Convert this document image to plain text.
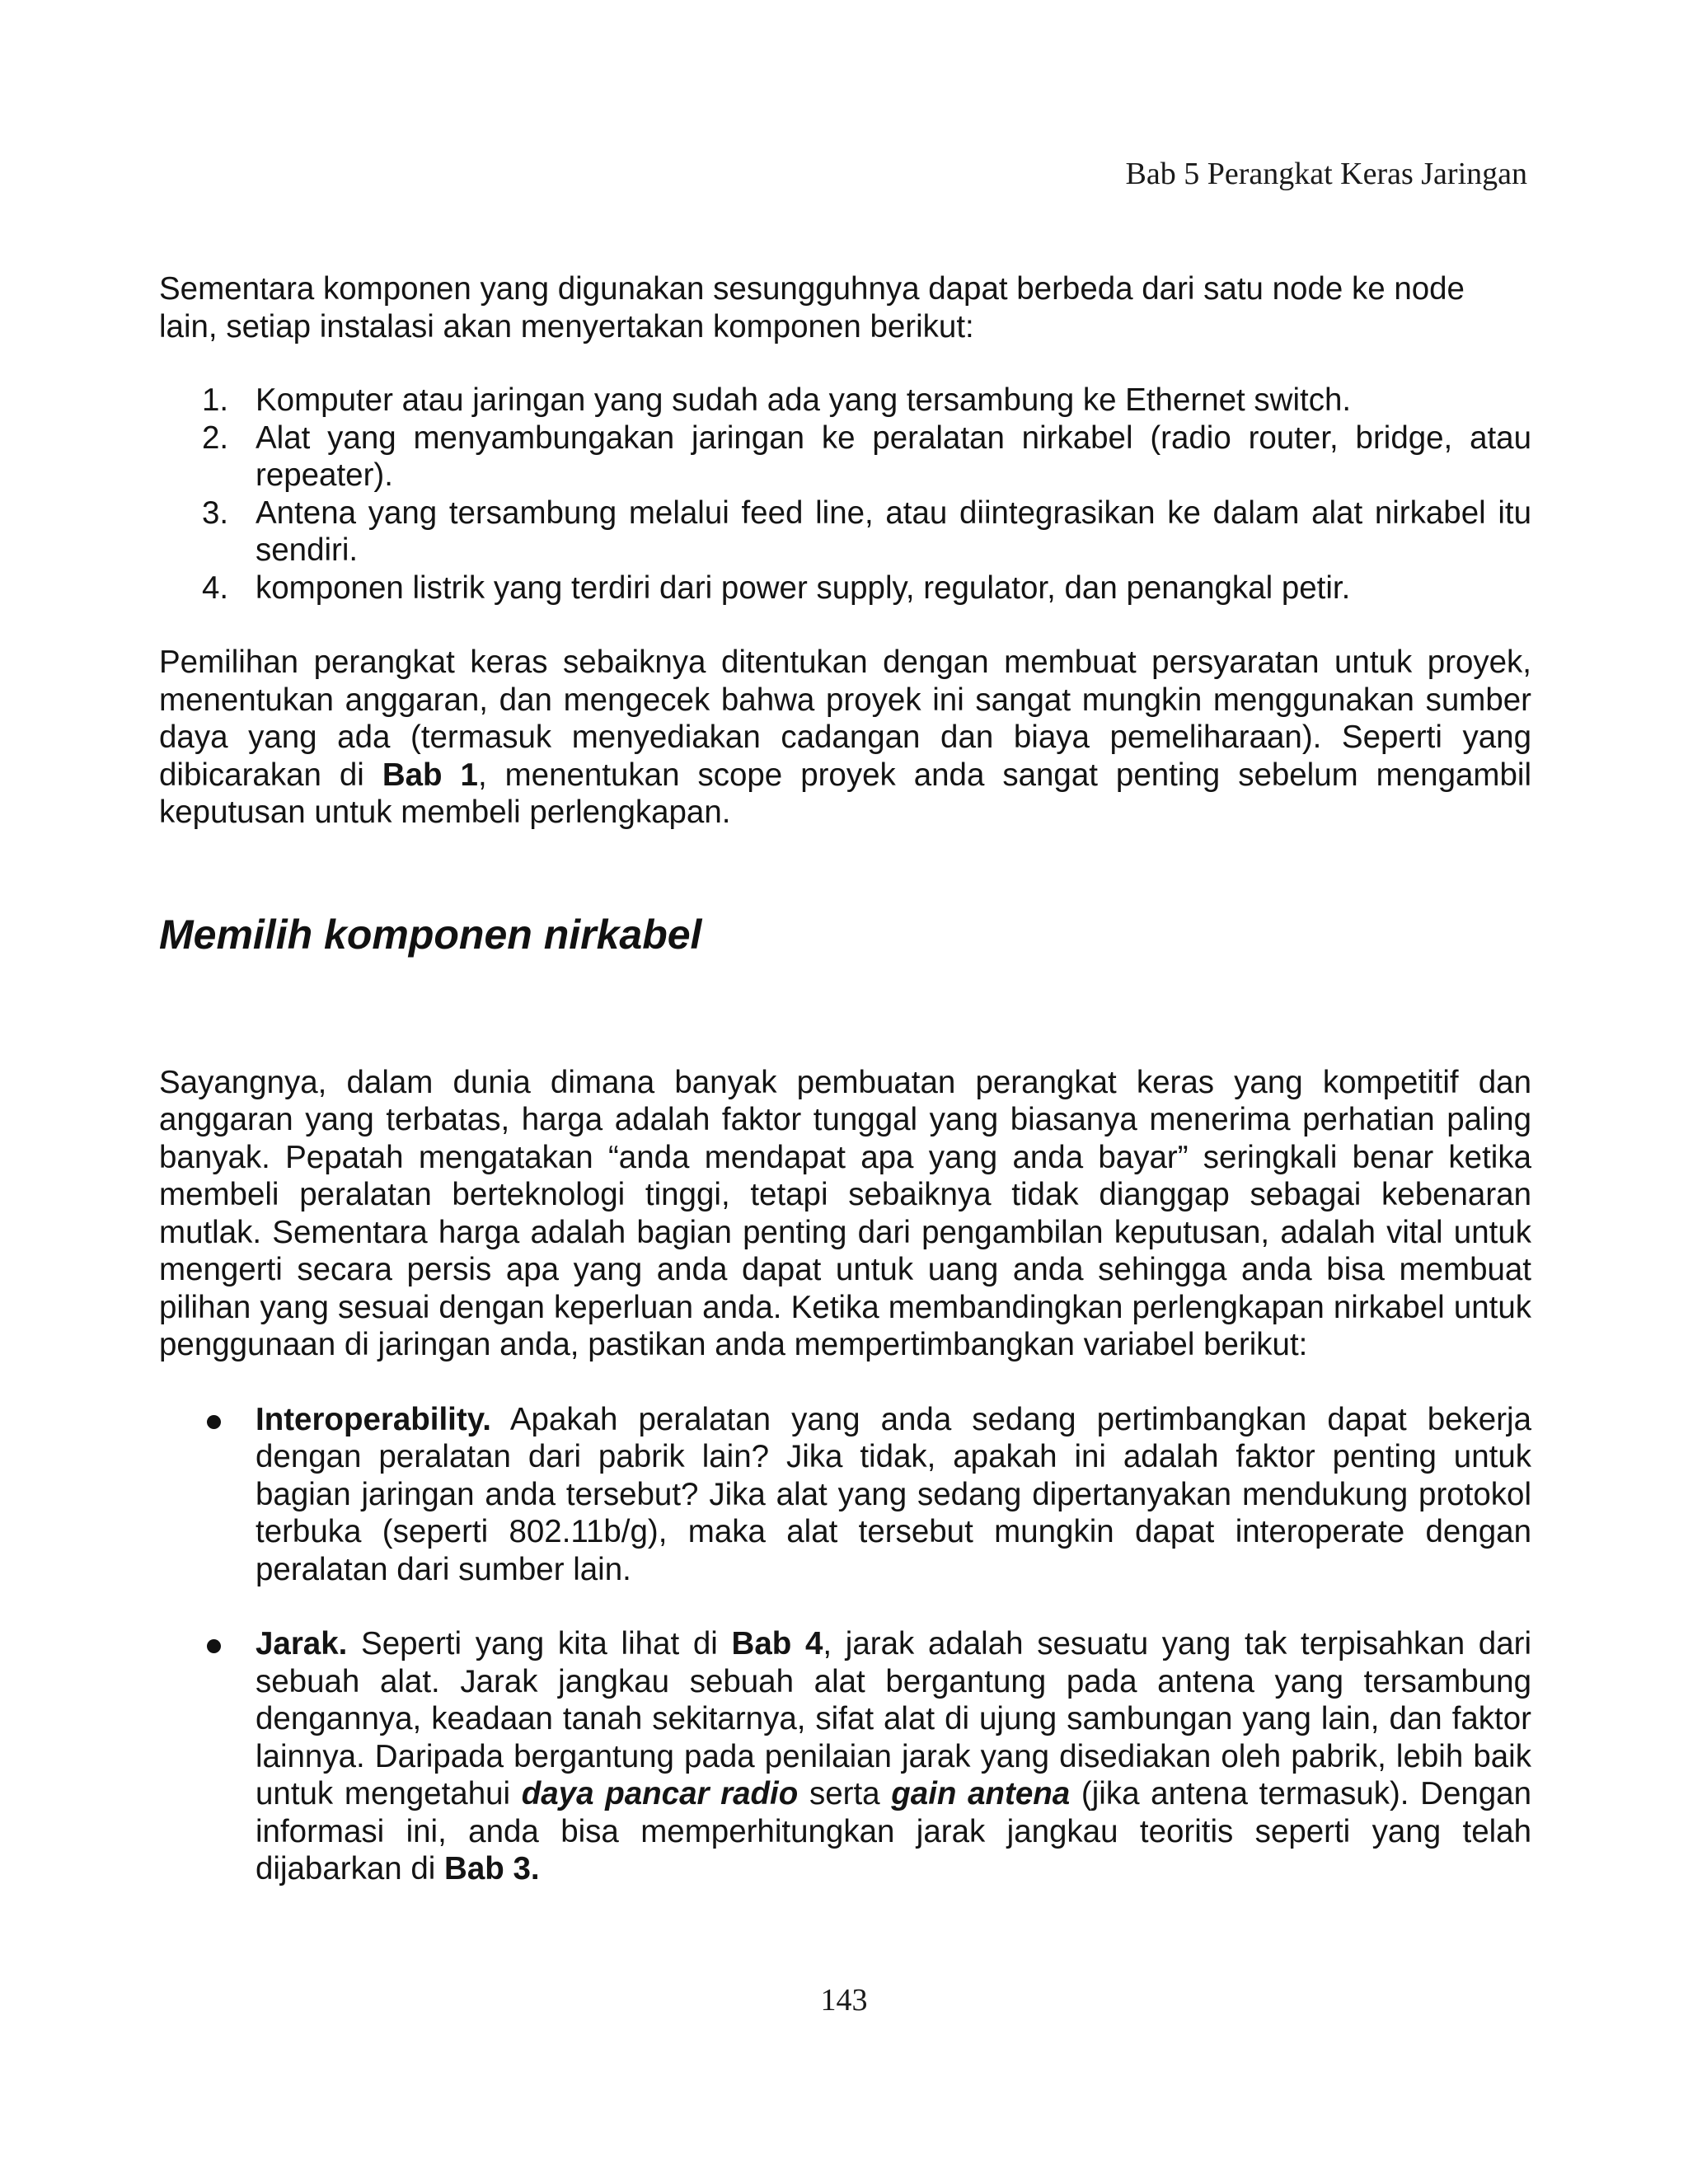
Bab 5 Perangkat Keras Jaringan

Sementara komponen yang digunakan sesungguhnya dapat berbeda dari satu node ke node lain, setiap instalasi akan menyertakan komponen berikut:

1. Komputer atau jaringan yang sudah ada yang tersambung ke Ethernet switch.
2. Alat yang menyambungakan jaringan ke peralatan nirkabel (radio router, bridge, atau repeater).
3. Antena yang tersambung melalui feed line, atau diintegrasikan ke dalam alat nirkabel itu sendiri.
4. komponen listrik yang terdiri dari power supply, regulator, dan penangkal petir.

Pemilihan perangkat keras sebaiknya ditentukan dengan membuat persyaratan untuk proyek, menentukan anggaran, dan mengecek bahwa proyek ini sangat mungkin menggunakan sumber daya yang ada (termasuk menyediakan cadangan dan biaya pemeliharaan). Seperti yang dibicarakan di Bab 1, menentukan scope proyek anda sangat penting sebelum mengambil keputusan untuk membeli perlengkapan.

Memilih komponen nirkabel

Sayangnya, dalam dunia dimana banyak pembuatan perangkat keras yang kompetitif dan anggaran yang terbatas, harga adalah faktor tunggal yang biasanya menerima perhatian paling banyak. Pepatah mengatakan “anda mendapat apa yang anda bayar” seringkali benar ketika membeli peralatan berteknologi tinggi, tetapi sebaiknya tidak dianggap sebagai kebenaran mutlak. Sementara harga adalah bagian penting dari pengambilan keputusan, adalah vital untuk mengerti secara persis apa yang anda dapat untuk uang anda sehingga anda bisa membuat pilihan yang sesuai dengan keperluan anda. Ketika membandingkan perlengkapan nirkabel untuk penggunaan di jaringan anda, pastikan anda mempertimbangkan variabel berikut:

Interoperability. Apakah peralatan yang anda sedang pertimbangkan dapat bekerja dengan peralatan dari pabrik lain? Jika tidak, apakah ini adalah faktor penting untuk bagian jaringan anda tersebut? Jika alat yang sedang dipertanyakan mendukung protokol terbuka (seperti 802.11b/g), maka alat tersebut mungkin dapat interoperate dengan peralatan dari sumber lain.
Jarak. Seperti yang kita lihat di Bab 4, jarak adalah sesuatu yang tak terpisahkan dari sebuah alat. Jarak jangkau sebuah alat bergantung pada antena yang tersambung dengannya, keadaan tanah sekitarnya, sifat alat di ujung sambungan yang lain, dan faktor lainnya. Daripada bergantung pada penilaian jarak yang disediakan oleh pabrik, lebih baik untuk mengetahui daya pancar radio serta gain antena (jika antena termasuk). Dengan informasi ini, anda bisa memperhitungkan jarak jangkau teoritis seperti yang telah dijabarkan di Bab 3.
143
